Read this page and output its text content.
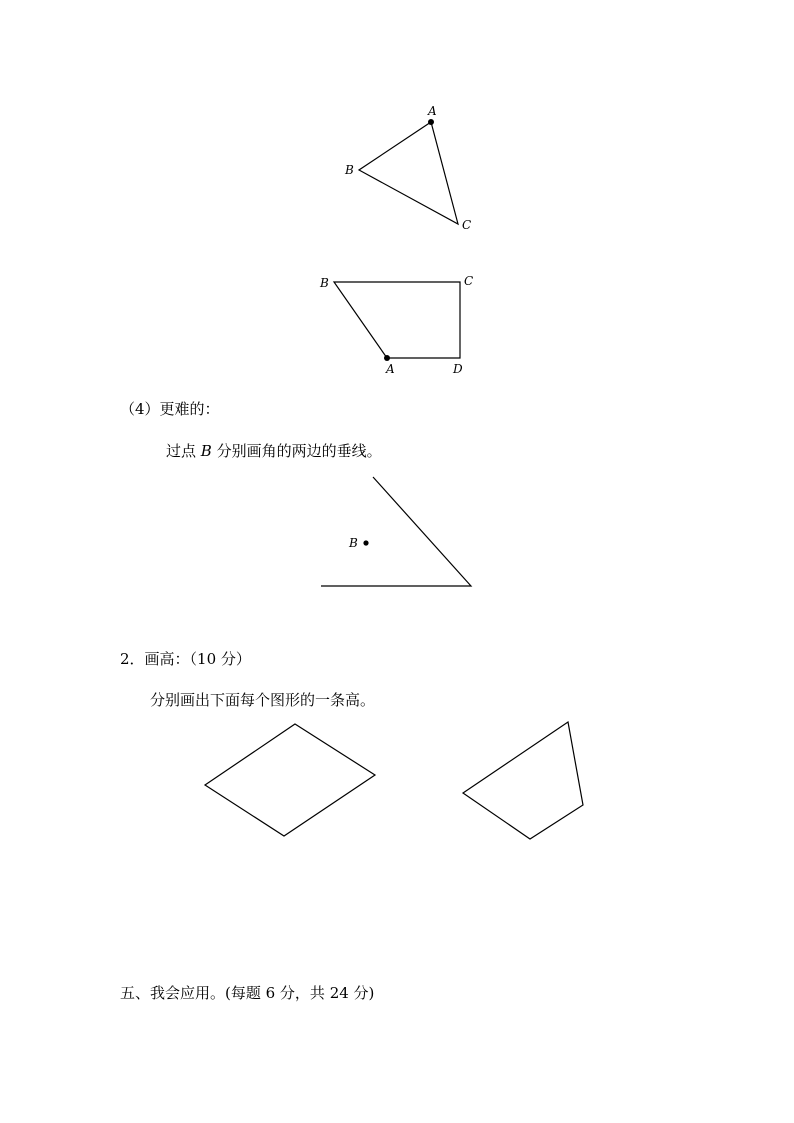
A
B
C
B	C
A	D
B
（4）更难的：
过点 B 分别画角的两边的垂线。
2．画高：（10 分）
分别画出下面每个图形的一条高。
五、我会应用。(每题 6 分，共 24 分)
